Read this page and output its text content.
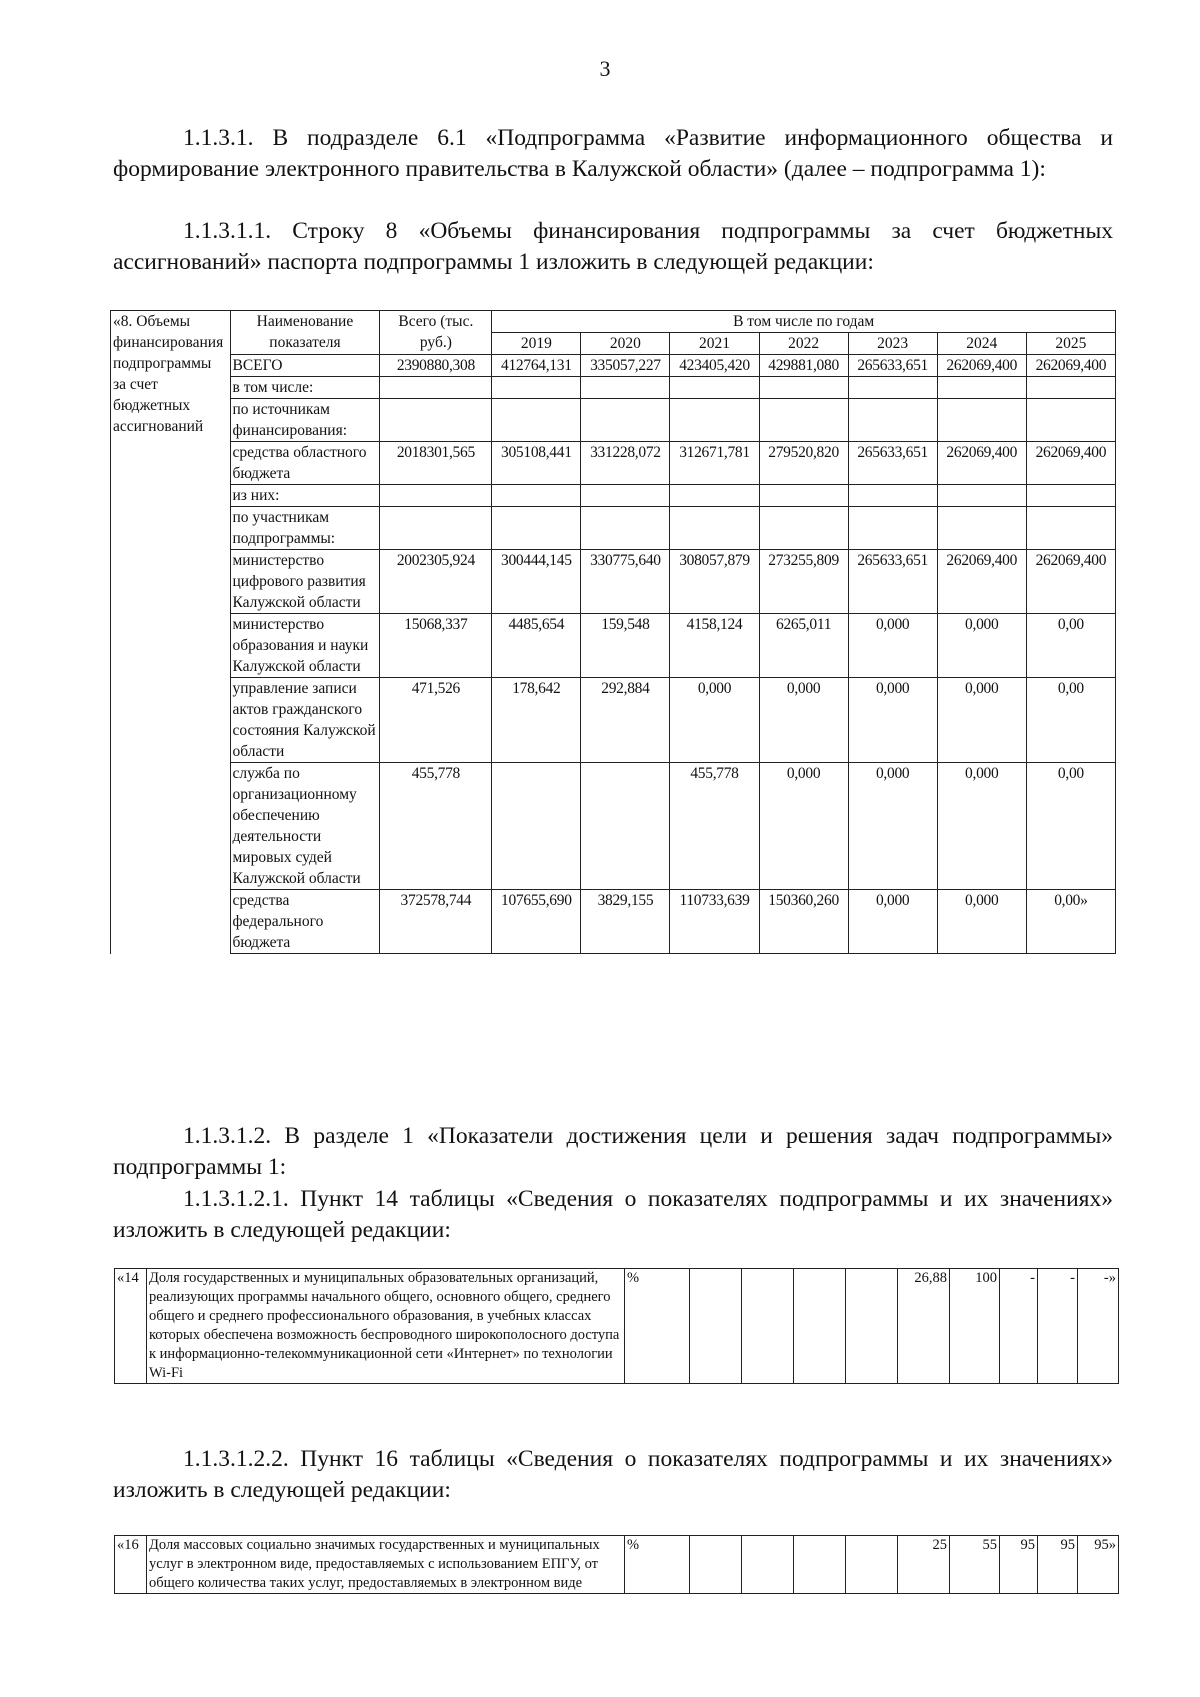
3
1.1.3.1. В подразделе 6.1 «Подпрограмма «Развитие информационного общества и формирование электронного правительства в Калужской области» (далее – подпрограмма 1):
1.1.3.1.1. Строку 8 «Объемы финансирования подпрограммы за счет бюджетных ассигнований» паспорта подпрограммы 1 изложить в следующей редакции:
«8. Объемы финансирования подпрограммы за счет бюджетных ассигнований	Наименование показателя	Всего (тыс. руб.)	В том числе по годам						
			2019	2020	2021	2022	2023	2024	2025
	ВСЕГО	2390880,308	412764,131	335057,227	423405,420	429881,080	265633,651	262069,400	262069,400
	в том числе:								
	по источникам финансирования:								
	средства областного бюджета	2018301,565	305108,441	331228,072	312671,781	279520,820	265633,651	262069,400	262069,400
	из них:								
	по участникам подпрограммы:								
	министерство цифрового развития Калужской области	2002305,924	300444,145	330775,640	308057,879	273255,809	265633,651	262069,400	262069,400
	министерство образования и науки Калужской области	15068,337	4485,654	159,548	4158,124	6265,011	0,000	0,000	0,00
	управление записи актов гражданского состояния Калужской области	471,526	178,642	292,884	0,000	0,000	0,000	0,000	0,00
	служба по организационному обеспечению деятельности мировых судей Калужской области	455,778			455,778	0,000	0,000	0,000	0,00
	средства федерального бюджета	372578,744	107655,690	3829,155	110733,639	150360,260	0,000	0,000	0,00»
1.1.3.1.2. В разделе 1 «Показатели достижения цели и решения задач подпрограммы» подпрограммы 1:
1.1.3.1.2.1. Пункт 14 таблицы «Сведения о показателях подпрограммы и их значениях» изложить в следующей редакции:
«14	Доля государственных и муниципальных образовательных организаций, реализующих программы начального общего, основного общего, среднего общего и среднего профессионального образования, в учебных классах которых обеспечена возможность беспроводного широкополосного доступа к информационно-телекоммуникационной сети «Интернет» по технологии Wi-Fi	%					26,88	100	-	-	-»
1.1.3.1.2.2. Пункт 16 таблицы «Сведения о показателях подпрограммы и их значениях» изложить в следующей редакции:
«16	Доля массовых социально значимых государственных и муниципальных услуг в электронном виде, предоставляемых с использованием ЕПГУ, от общего количества таких услуг, предоставляемых в электронном виде	%					25	55	95	95	95»
